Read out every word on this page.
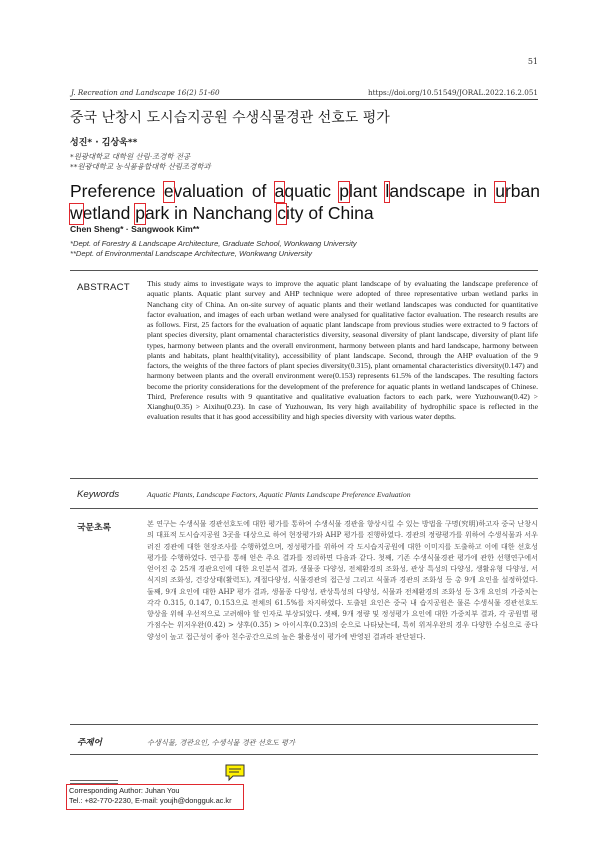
51
J. Recreation and Landscape 16(2) 51-60	https://doi.org/10.51549/JORAL.2022.16.2.051
중국 난창시 도시습지공원 수생식물경관 선호도 평가
성진* · 김상욱**
*원광대학교 대학원 산림·조경학 전공
**원광대학교 농식품융합대학 산림조경학과
Preference evaluation of aquatic plant landscape in urban
wetland park in Nanchang city of China
Chen Sheng* · Sangwook Kim**
*Dept. of Forestry & Landscape Architecture, Graduate School, Wonkwang University
**Dept. of Environmental Landscape Architecture, Wonkwang University
ABSTRACT This study aims to investigate ways to improve the aquatic plant landscape of by evaluating the landscape preference of aquatic plants. Aquatic plant survey and AHP technique were adopted of three representative urban wetland parks in Nanchang city of China. An on-site survey of aquatic plants and their wetland landscapes was conducted for quantitative factor evaluation, and images of each urban wetland were analysed for qualitative factor evaluation. The research results are as follows. First, 25 factors for the evaluation of aquatic plant landscape from previous studies were extracted to 9 factors of plant species diversity, plant ornamental characteristics diversity, seasonal diversity of plant landscape, diversity of plant life types, harmony between plants and the overall environment, harmony between plants and hard landscape, harmony between plants and habitats, plant health(vitality), accessibility of plant landscape. Second, through the AHP evaluation of the 9 factors, the weights of the three factors of plant species diversity(0.315), plant ornamental characteristics diversity(0.147) and harmony between plants and the overall environment were(0.153) represents 61.5% of the landscapes. The resulting factors become the priority considerations for the development of the preference for aquatic plants in wetland landscapes of Chinese. Third, Preference results with 9 quantitative and qualitative evaluation factors to each park, were Yuzhouwan(0.42) > Xianghu(0.35) > Aixihu(0.23). In case of Yuzhouwan, Its very high availability of hydrophilic space is reflected in the evaluation results that it has good accessibility and high species diversity with various water depths.
Keywords	Aquatic Plants, Landscape Factors, Aquatic Plants Landscape Preference Evaluation
국문초록	본 연구는 수생식물 경관선호도에 대한 평가를 통하여 수생식물 경관을 향상시킬 수 있는 방법을 구명(究明)하고자 중국 난창시의 대표적 도시습지공원 3곳을 대상으로 하여 현장평가와 AHP 평가를 진행하였다. 경관의 정량평가를 위하여 수생식물과 서우러진 경관에 대한 현장조사를 수행하였으며, 정성평가를 위하여 각 도시습지공원에 대한 이미지를 도출하고 이에 대한 선호성 평가를 수행하였다. 연구를 통해 얻은 주요 결과를 정리하면 다음과 같다. 첫째, 기존 수생식물경관 평가에 관한 선행연구에서 얻어진 총 25개 경관요인에 대한 요인분석 결과, 생물종 다양성, 전체환경의 조화성, 관상 특성의 다양성, 생활유형 다양성, 서식지의 조화성, 건강상태(활력도), 계절다양성, 식물경관의 접근성 그리고 식물과 경관의 조화성 등 총 9개 요인을 설정하였다. 둘째, 9개 요인에 대한 AHP 평가 결과, 생물종 다양성, 관상특성의 다양성, 식물과 전체환경의 조화성 등 3개 요인의 가중치는 각각 0.315, 0.147, 0.153으로 전체의 61.5%를 차지하였다. 도출된 요인은 중국 내 습지공원은 물론 수생식물 경관선호도 향상을 위해 우선적으로 고려해야 할 인자로 부상되었다. 셋째, 9개 정량 및 정성평가 요인에 대한 가중치부 결과, 각 공원별 평가점수는 위저우완(0.42) > 샹후(0.35) > 아이시후(0.23)의 순으로 나타났는데, 특히 위저우완의 경우 다양한 수심으로 종다양성이 높고 접근성이 좋아 친수공간으로의 높은 활용성이 평가에 반영된 결과라 판단된다.
주제어	수생식물, 경관요인, 수생식물 경관 선호도 평가
Corresponding Author: Juhan You
Tel.: +82-770-2230, E-mail: youjh@dongguk.ac.kr
